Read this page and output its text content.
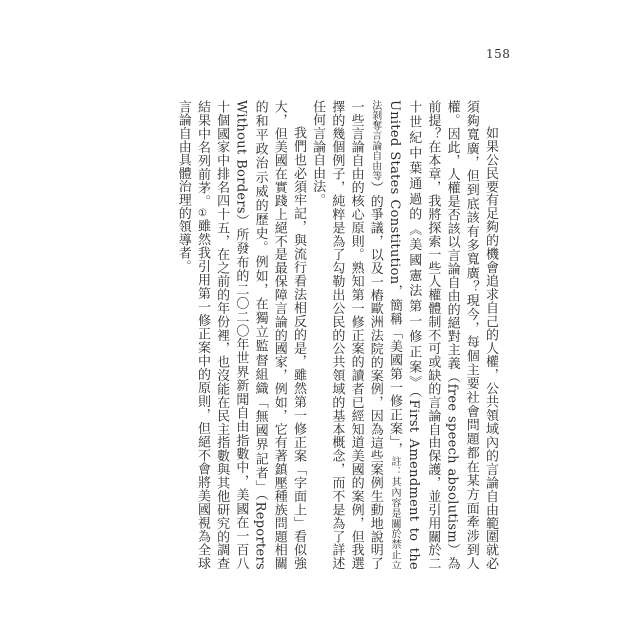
158

如果公民要有足夠的機會追求自己的人權，公共領域內的言論自由範圍就必須夠寬廣，但到底該有多寬廣？現今，每個主要社會問題都在某方面牽涉到人權。因此，人權是否該以言論自由的絕對主義（free speech absolutism）為前提？在本章，我將探索一些人權體制不可或缺的言論自由保護，並引用關於二十世紀中葉通過的《美國憲法第一修正案》（First Amendment to the United States Constitution，簡稱「美國第一修正案」，註：其內容是關於禁止立法剝奪言論自由等）的爭議，以及一樁歐洲法院的案例，因為這些案例生動地說明了一些言論自由的核心原則。熟知第一修正案的讀者已經知道美國的案例，但我選擇的幾個例子，純粹是為了勾勒出公民的公共領域的基本概念，而不是為了詳述任何言論自由法。

我們也必須牢記，與流行看法相反的是，雖然第一修正案「字面上」看似強大，但美國在實踐上絕不是最保障言論的國家，例如，它有著鎮壓種族問題相關的和平政治示威的歷史。例如，在獨立監督組織「無國界記者」（Reporters Without Borders）所發布的二〇二〇年世界新聞自由指數中，美國在一百八十個國家中排名四十五，在之前的年份裡，也沒能在民主指數與其他研究的調查結果中名列前茅。①雖然我引用第一修正案中的原則，但絕不會將美國視為全球言論自由具體治理的領導者。
